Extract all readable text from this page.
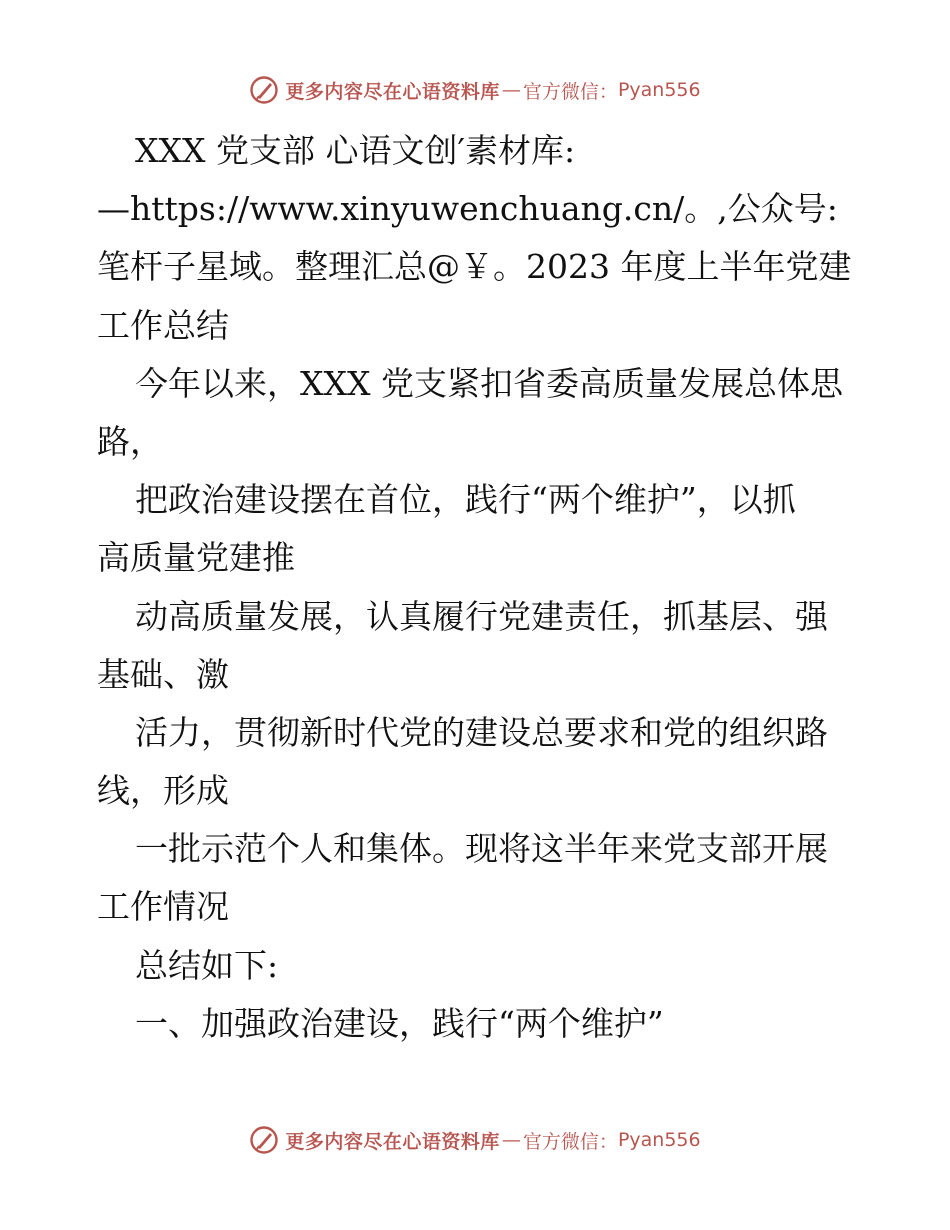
更多内容尽在心语资料库 — 官方微信： Pyan556
XXX 党支部 心语文创′素材库:
—https://www.xinyuwenchuang.cn/。,公众号:
笔杆子星域。整理汇总@￥。2023 年度上半年党建
工作总结
今年以来，XXX 党支紧扣省委高质量发展总体思
路，
把政治建设摆在首位，践行“两个维护”，以抓
高质量党建推
动高质量发展，认真履行党建责任，抓基层、强
基础、激
活力，贯彻新时代党的建设总要求和党的组织路
线，形成
一批示范个人和集体。现将这半年来党支部开展
工作情况
总结如下:
一、加强政治建设，践行“两个维护”
更多内容尽在心语资料库 — 官方微信： Pyan556
